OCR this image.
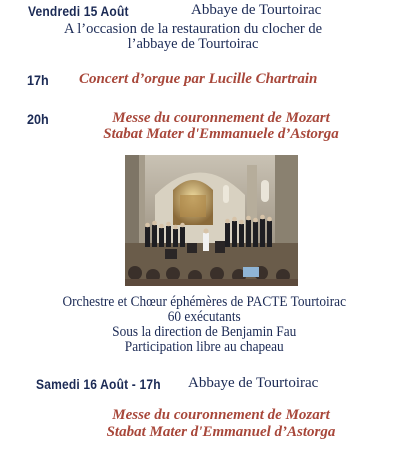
Vendredi 15 Août	Abbaye de Tourtoirac
A l’occasion de la restauration du clocher de
l’abbaye de Tourtoirac
17h Concert d’orgue par Lucille Chartrain
20h	Messe du couronnement de Mozart
Stabat Mater d'Emmanuele d’Astorga
Orchestre et Chœur éphémères de PACTE Tourtoirac
60 exécutants
Sous la direction de Benjamin Fau
Participation libre au chapeau
Samedi 16 Août - 17h Abbaye de Tourtoirac
Messe du couronnement de Mozart
Stabat Mater d'Emmanuel d’Astorga
